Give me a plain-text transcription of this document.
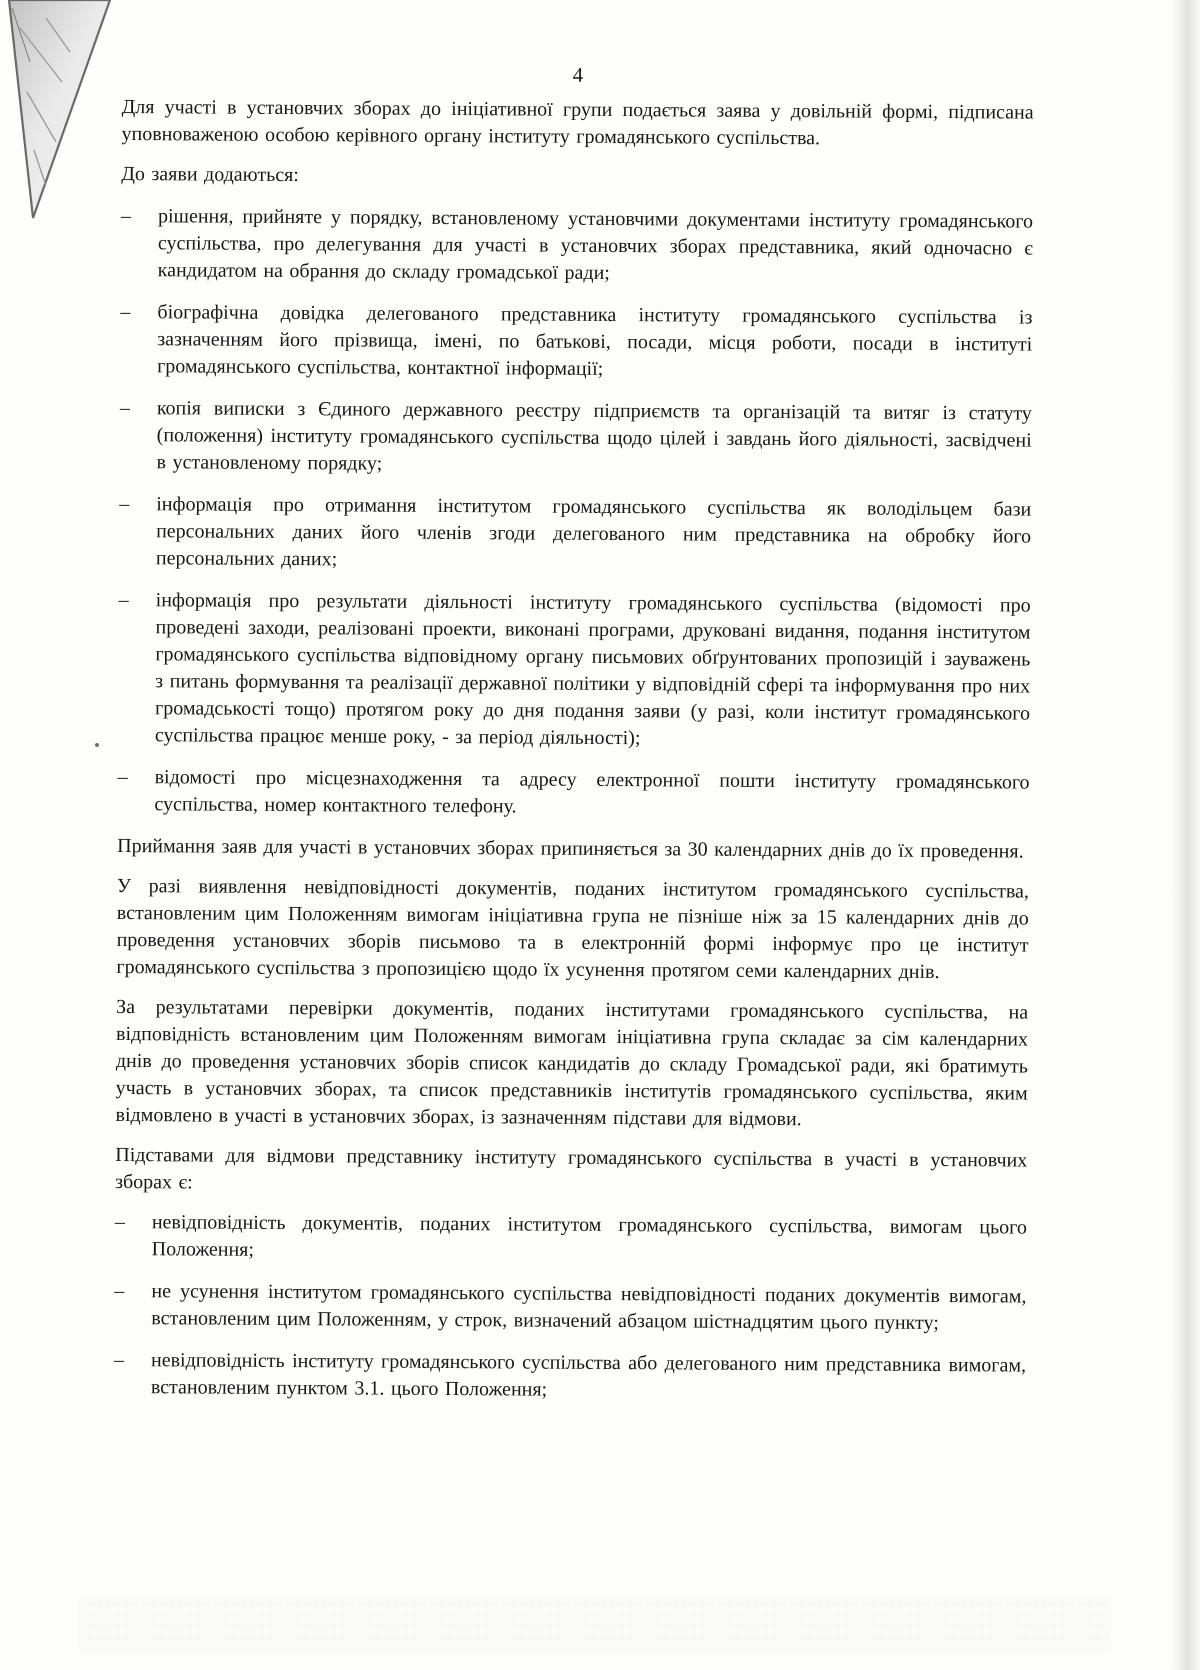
4

Для участі в установчих зборах до ініціативної групи подається заява у довільній формі, підписана уповноваженою особою керівного органу інституту громадянського суспільства.

До заяви додаються:

–	рішення, прийняте у порядку, встановленому установчими документами інституту громадянського суспільства, про делегування для участі в установчих зборах представника, який одночасно є кандидатом на обрання до складу громадської ради;
–	біографічна довідка делегованого представника інституту громадянського суспільства із зазначенням його прізвища, імені, по батькові, посади, місця роботи, посади в інституті громадянського суспільства, контактної інформації;
–	копія виписки з Єдиного державного реєстру підприємств та організацій та витяг із статуту (положення) інституту громадянського суспільства щодо цілей і завдань його діяльності, засвідчені в установленому порядку;
–	інформація про отримання інститутом громадянського суспільства як володільцем бази персональних даних його членів згоди делегованого ним представника на обробку його персональних даних;
–	інформація про результати діяльності інституту громадянського суспільства (відомості про проведені заходи, реалізовані проекти, виконані програми, друковані видання, подання інститутом громадянського суспільства відповідному органу письмових обґрунтованих пропозицій і зауважень з питань формування та реалізації державної політики у відповідній сфері та інформування про них громадськості тощо) протягом року до дня подання заяви (у разі, коли інститут громадянського суспільства працює менше року, - за період діяльності);
–	відомості про місцезнаходження та адресу електронної пошти інституту громадянського суспільства, номер контактного телефону.

Приймання заяв для участі в установчих зборах припиняється за 30 календарних днів до їх проведення.

У разі виявлення невідповідності документів, поданих інститутом громадянського суспільства, встановленим цим Положенням вимогам ініціативна група не пізніше ніж за 15 календарних днів до проведення установчих зборів письмово та в електронній формі інформує про це інститут громадянського суспільства з пропозицією щодо їх усунення протягом семи календарних днів.

За результатами перевірки документів, поданих інститутами громадянського суспільства, на відповідність встановленим цим Положенням вимогам ініціативна група складає за сім календарних днів до проведення установчих зборів список кандидатів до складу Громадської ради, які братимуть участь в установчих зборах, та список представників інститутів громадянського суспільства, яким відмовлено в участі в установчих зборах, із зазначенням підстави для відмови.

Підставами для відмови представнику інституту громадянського суспільства в участі в установчих зборах є:

–	невідповідність документів, поданих інститутом громадянського суспільства, вимогам цього Положення;
–	не усунення інститутом громадянського суспільства невідповідності поданих документів вимогам, встановленим цим Положенням, у строк, визначений абзацом шістнадцятим цього пункту;
–	невідповідність інституту громадянського суспільства або делегованого ним представника вимогам, встановленим пунктом 3.1. цього Положення;
